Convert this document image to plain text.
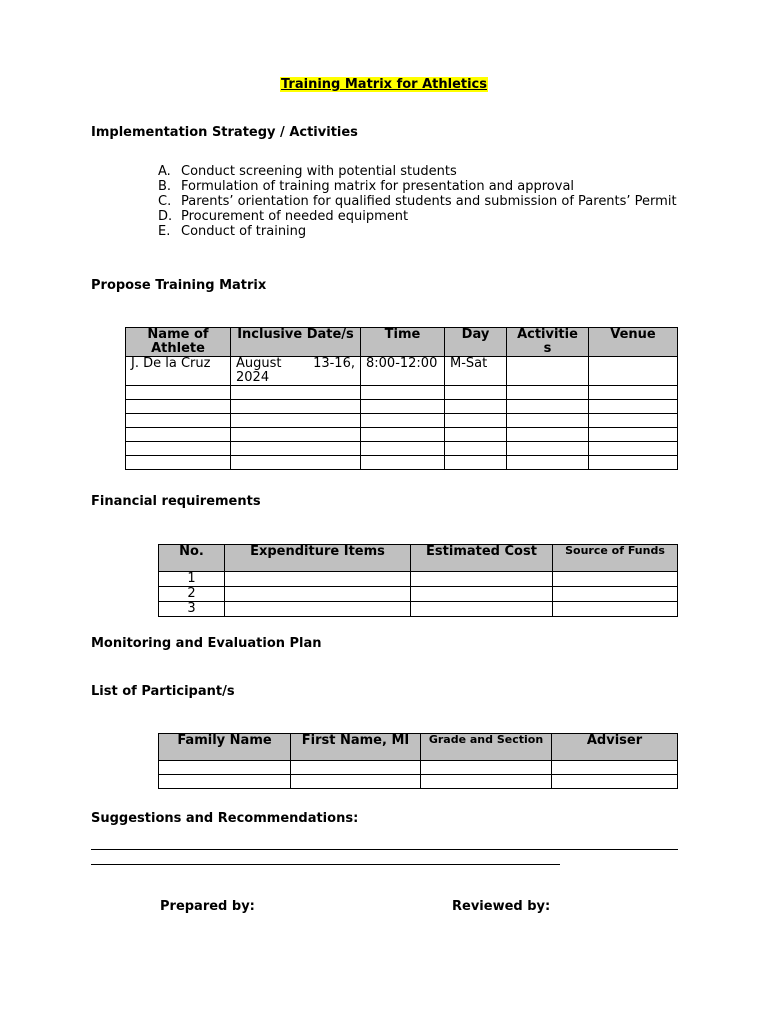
Training Matrix for Athletics
Implementation Strategy / Activities
A. Conduct screening with potential students
B. Formulation of training matrix for presentation and approval
C. Parents’ orientation for qualified students and submission of Parents’ Permit
D. Procurement of needed equipment
E. Conduct of training
Propose Training Matrix
Name of Athlete	Inclusive Date/s	Time	Day	Activitie s	Venue
J. De la Cruz	August 13-16, 2024	8:00-12:00	M-Sat		

Financial requirements
No.	Expenditure Items	Estimated Cost	Source of Funds
1			
2			
3			
Monitoring and Evaluation Plan
List of Participant/s
Family Name	First Name, MI	Grade and Section	Adviser

Suggestions and Recommendations:
Prepared by:	Reviewed by:
